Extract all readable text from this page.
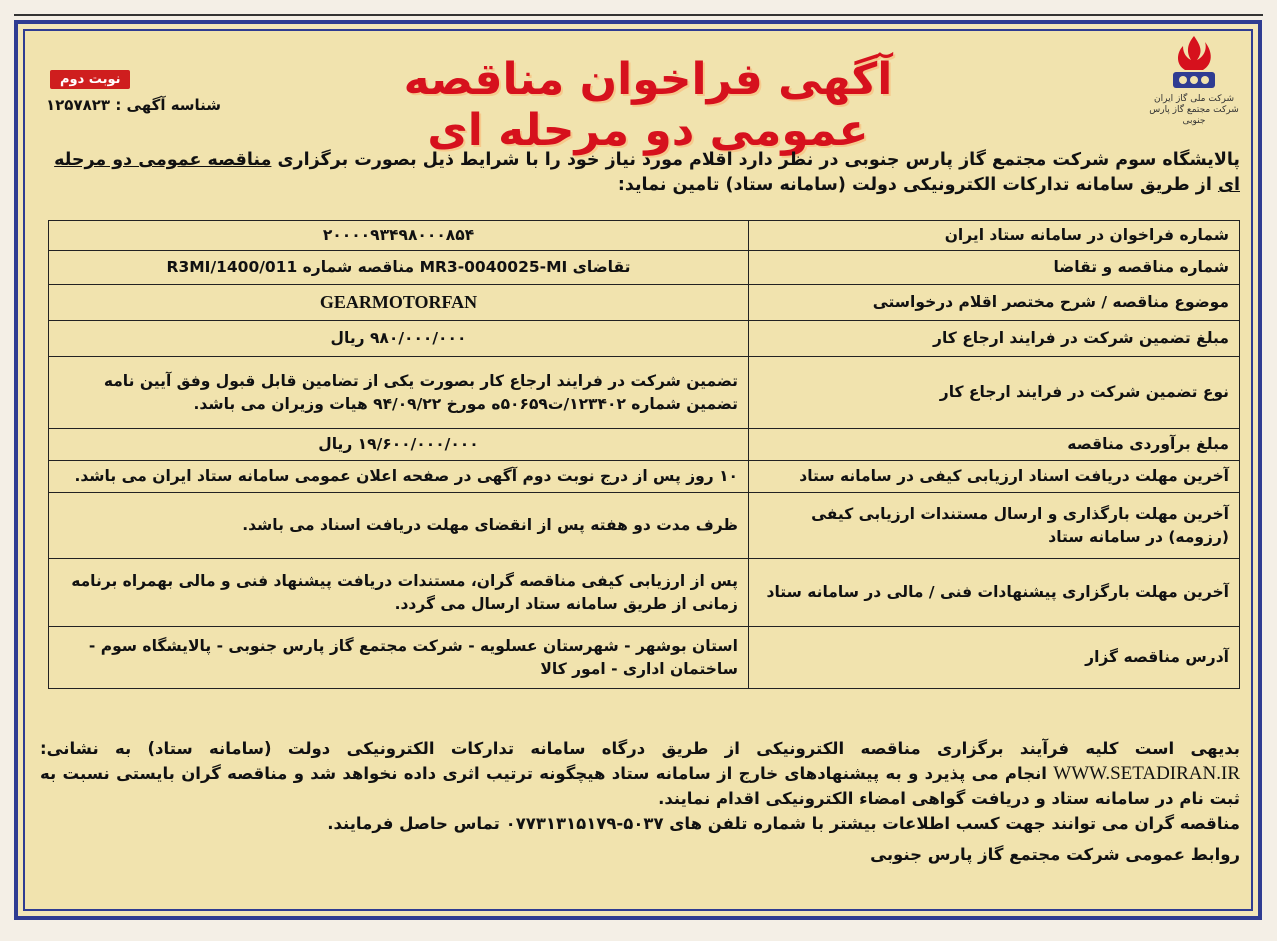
شرکت ملی گاز ایران
شرکت مجتمع گاز پارس جنوبی
آگهی فراخوان مناقصه عمومی دو مرحله ای
نوبت دوم
شناسه آگهی : ۱۲۵۷۸۲۳
پالایشگاه سوم شرکت مجتمع گاز پارس جنوبی در نظر دارد اقلام مورد نیاز خود را با شرایط ذیل بصورت برگزاری مناقصه عمومی دو مرحله ای از طریق سامانه تدارکات الکترونیکی دولت (سامانه ستاد) تامین نماید:
شماره فراخوان در سامانه ستاد ایران	۲۰۰۰۰۹۳۴۹۸۰۰۰۸۵۴
شماره مناقصه و تقاضا	تقاضای MR3-0040025-MI مناقصه شماره 1400/011/R3MI
موضوع مناقصه / شرح مختصر اقلام درخواستی	GEARMOTORFAN
مبلغ تضمین شرکت در فرایند ارجاع کار	۹۸۰/۰۰۰/۰۰۰ ریال
نوع تضمین شرکت در فرایند ارجاع کار	تضمین شرکت در فرایند ارجاع کار بصورت یکی از تضامین قابل قبول وفق آیین نامه تضمین شماره ۱۲۳۴۰۲/ت۵۰۶۵۹ه مورخ ۹۴/۰۹/۲۲ هیات وزیران می باشد.
مبلغ برآوردی مناقصه	۱۹/۶۰۰/۰۰۰/۰۰۰ ریال
آخرین مهلت دریافت اسناد ارزیابی کیفی در سامانه ستاد	۱۰ روز پس از درج نوبت دوم آگهی در صفحه اعلان عمومی سامانه ستاد ایران می باشد.
آخرین مهلت بارگذاری و ارسال مستندات ارزیابی کیفی (رزومه) در سامانه ستاد	ظرف مدت دو هفته پس از انقضای مهلت دریافت اسناد می باشد.
آخرین مهلت بارگزاری پیشنهادات فنی / مالی در سامانه ستاد	پس از ارزیابی کیفی مناقصه گران، مستندات دریافت پیشنهاد فنی و مالی بهمراه برنامه زمانی از طریق سامانه ستاد ارسال می گردد.
آدرس مناقصه گزار	استان بوشهر - شهرستان عسلویه - شرکت مجتمع گاز پارس جنوبی - پالایشگاه سوم - ساختمان اداری - امور کالا
بدیهی است کلیه فرآیند برگزاری مناقصه الکترونیکی از طریق درگاه سامانه تدارکات الکترونیکی دولت (سامانه ستاد) به نشانی: WWW.SETADIRAN.IR انجام می پذیرد و به پیشنهادهای خارج از سامانه ستاد هیچگونه ترتیب اثری داده نخواهد شد و مناقصه گران بایستی نسبت به ثبت نام در سامانه ستاد و دریافت گواهی امضاء الکترونیکی اقدام نمایند.
مناقصه گران می توانند جهت کسب اطلاعات بیشتر با شماره تلفن های ۵۰۳۷-۰۷۷۳۱۳۱۵۱۷۹ تماس حاصل فرمایند.
روابط عمومی شرکت مجتمع گاز پارس جنوبی
